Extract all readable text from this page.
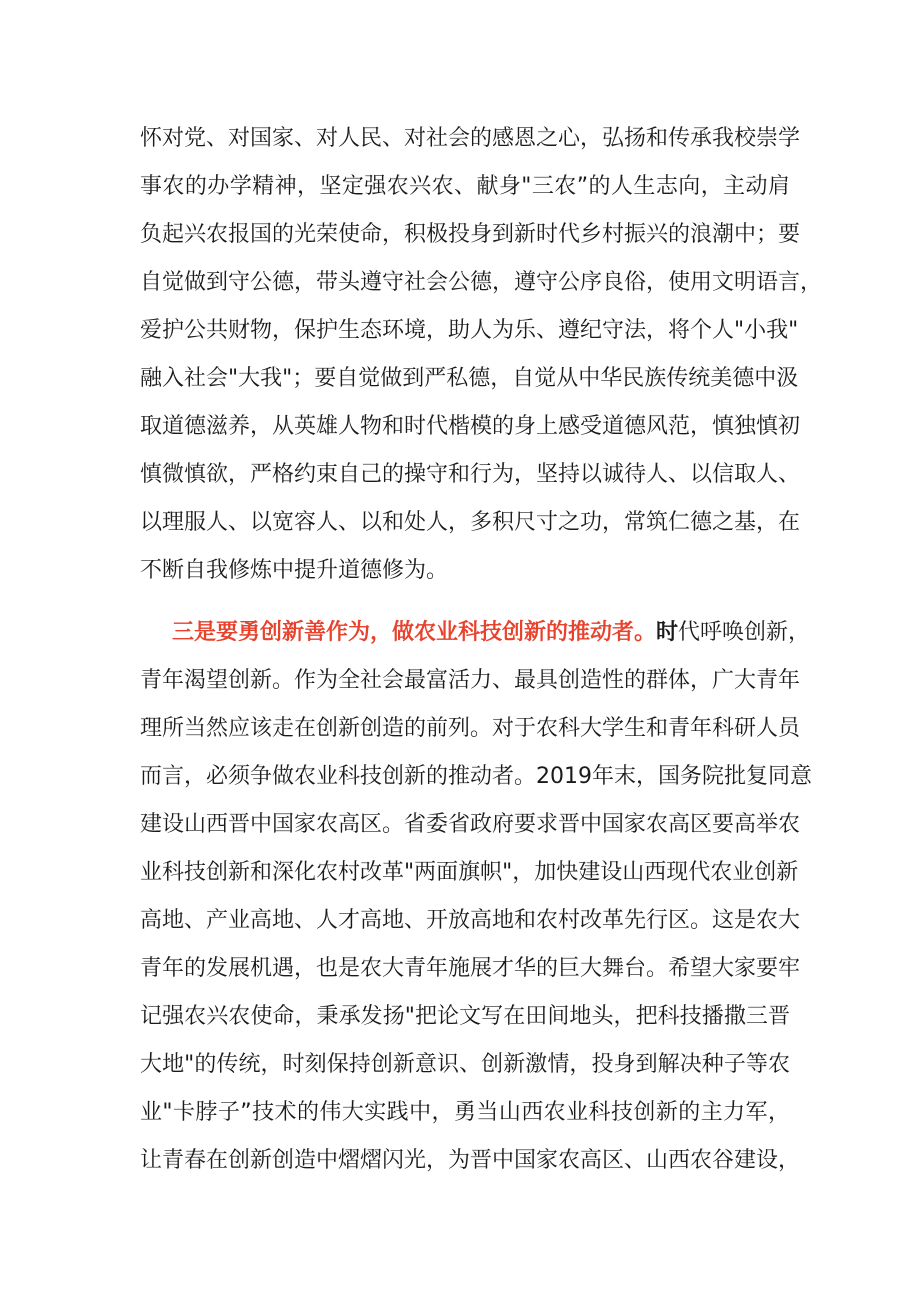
怀对党、对国家、对人民、对社会的感恩之心，弘扬和传承我校崇学
事农的办学精神，坚定强农兴农、献身"三农”的人生志向，主动肩
负起兴农报国的光荣使命，积极投身到新时代乡村振兴的浪潮中；要
自觉做到守公德，带头遵守社会公德，遵守公序良俗，使用文明语言，
爱护公共财物，保护生态环境，助人为乐、遵纪守法，将个人"小我"
融入社会"大我"；要自觉做到严私德，自觉从中华民族传统美德中汲
取道德滋养，从英雄人物和时代楷模的身上感受道德风范，慎独慎初
慎微慎欲，严格约束自己的操守和行为，坚持以诚待人、以信取人、
以理服人、以宽容人、以和处人，多积尺寸之功，常筑仁德之基，在
不断自我修炼中提升道德修为。
三是要勇创新善作为，做农业科技创新的推动者。时代呼唤创新，
青年渴望创新。作为全社会最富活力、最具创造性的群体，广大青年
理所当然应该走在创新创造的前列。对于农科大学生和青年科研人员
而言，必须争做农业科技创新的推动者。2019年末，国务院批复同意
建设山西晋中国家农高区。省委省政府要求晋中国家农高区要高举农
业科技创新和深化农村改革"两面旗帜"，加快建设山西现代农业创新
高地、产业高地、人才高地、开放高地和农村改革先行区。这是农大
青年的发展机遇，也是农大青年施展才华的巨大舞台。希望大家要牢
记强农兴农使命，秉承发扬"把论文写在田间地头，把科技播撒三晋
大地"的传统，时刻保持创新意识、创新激情，投身到解决种子等农
业"卡脖子”技术的伟大实践中，勇当山西农业科技创新的主力军，
让青春在创新创造中熠熠闪光，为晋中国家农高区、山西农谷建设，
